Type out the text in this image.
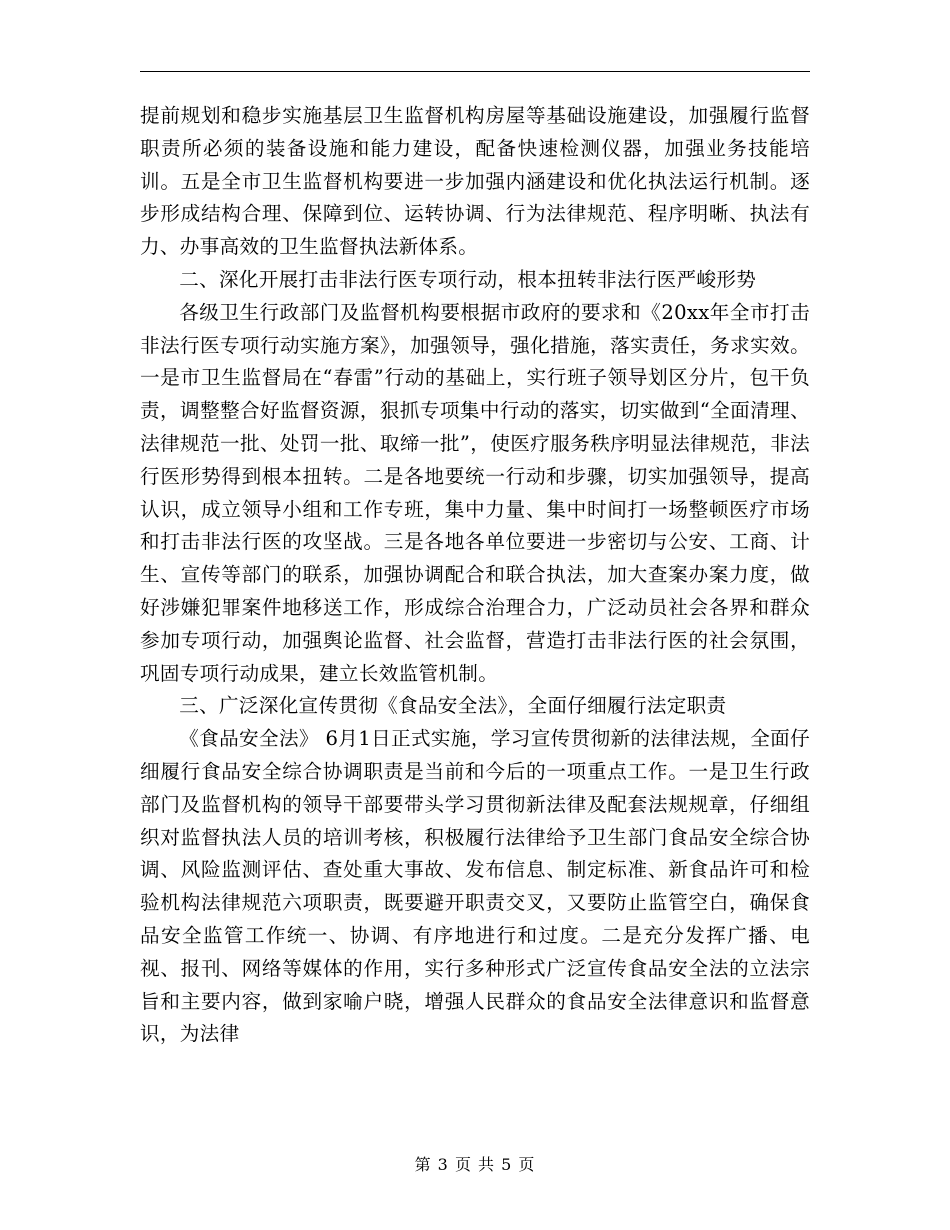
提前规划和稳步实施基层卫生监督机构房屋等基础设施建设，加强履行监督职责所必须的装备设施和能力建设，配备快速检测仪器，加强业务技能培训。五是全市卫生监督机构要进一步加强内涵建设和优化执法运行机制。逐步形成结构合理、保障到位、运转协调、行为法律规范、程序明晰、执法有力、办事高效的卫生监督执法新体系。

二、深化开展打击非法行医专项行动，根本扭转非法行医严峻形势

各级卫生行政部门及监督机构要根据市政府的要求和《20xx年全市打击非法行医专项行动实施方案》，加强领导，强化措施，落实责任，务求实效。一是市卫生监督局在“春雷”行动的基础上，实行班子领导划区分片，包干负责，调整整合好监督资源，狠抓专项集中行动的落实，切实做到“全面清理、法律规范一批、处罚一批、取缔一批”，使医疗服务秩序明显法律规范，非法行医形势得到根本扭转。二是各地要统一行动和步骤，切实加强领导，提高认识，成立领导小组和工作专班，集中力量、集中时间打一场整顿医疗市场和打击非法行医的攻坚战。三是各地各单位要进一步密切与公安、工商、计生、宣传等部门的联系，加强协调配合和联合执法，加大查案办案力度，做好涉嫌犯罪案件地移送工作，形成综合治理合力，广泛动员社会各界和群众参加专项行动，加强舆论监督、社会监督，营造打击非法行医的社会氛围，巩固专项行动成果，建立长效监管机制。

三、广泛深化宣传贯彻《食品安全法》，全面仔细履行法定职责

《食品安全法》 6月1日正式实施，学习宣传贯彻新的法律法规，全面仔细履行食品安全综合协调职责是当前和今后的一项重点工作。一是卫生行政部门及监督机构的领导干部要带头学习贯彻新法律及配套法规规章，仔细组织对监督执法人员的培训考核，积极履行法律给予卫生部门食品安全综合协调、风险监测评估、查处重大事故、发布信息、制定标准、新食品许可和检验机构法律规范六项职责，既要避开职责交叉，又要防止监管空白，确保食品安全监管工作统一、协调、有序地进行和过度。二是充分发挥广播、电视、报刊、网络等媒体的作用，实行多种形式广泛宣传食品安全法的立法宗旨和主要内容，做到家喻户晓，增强人民群众的食品安全法律意识和监督意识，为法律

第 3 页 共 5 页
